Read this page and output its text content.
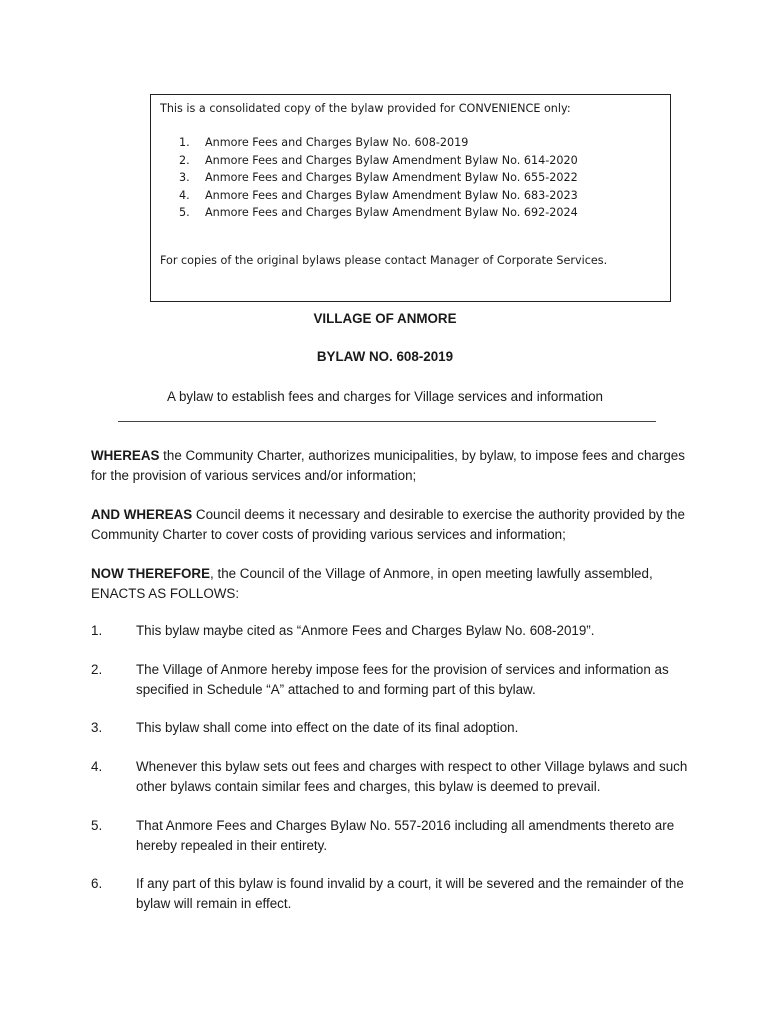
This is a consolidated copy of the bylaw provided for CONVENIENCE only:
1. Anmore Fees and Charges Bylaw No. 608-2019
2. Anmore Fees and Charges Bylaw Amendment Bylaw No. 614-2020
3. Anmore Fees and Charges Bylaw Amendment Bylaw No. 655-2022
4. Anmore Fees and Charges Bylaw Amendment Bylaw No. 683-2023
5. Anmore Fees and Charges Bylaw Amendment Bylaw No. 692-2024
For copies of the original bylaws please contact Manager of Corporate Services.
VILLAGE OF ANMORE
BYLAW NO. 608-2019
A bylaw to establish fees and charges for Village services and information
WHEREAS the Community Charter, authorizes municipalities, by bylaw, to impose fees and charges for the provision of various services and/or information;
AND WHEREAS Council deems it necessary and desirable to exercise the authority provided by the Community Charter to cover costs of providing various services and information;
NOW THEREFORE, the Council of the Village of Anmore, in open meeting lawfully assembled, ENACTS AS FOLLOWS:
1.	This bylaw maybe cited as “Anmore Fees and Charges Bylaw No. 608-2019”.
2.	The Village of Anmore hereby impose fees for the provision of services and information as specified in Schedule “A” attached to and forming part of this bylaw.
3.	This bylaw shall come into effect on the date of its final adoption.
4.	Whenever this bylaw sets out fees and charges with respect to other Village bylaws and such other bylaws contain similar fees and charges, this bylaw is deemed to prevail.
5.	That Anmore Fees and Charges Bylaw No. 557-2016 including all amendments thereto are hereby repealed in their entirety.
6.	If any part of this bylaw is found invalid by a court, it will be severed and the remainder of the bylaw will remain in effect.
